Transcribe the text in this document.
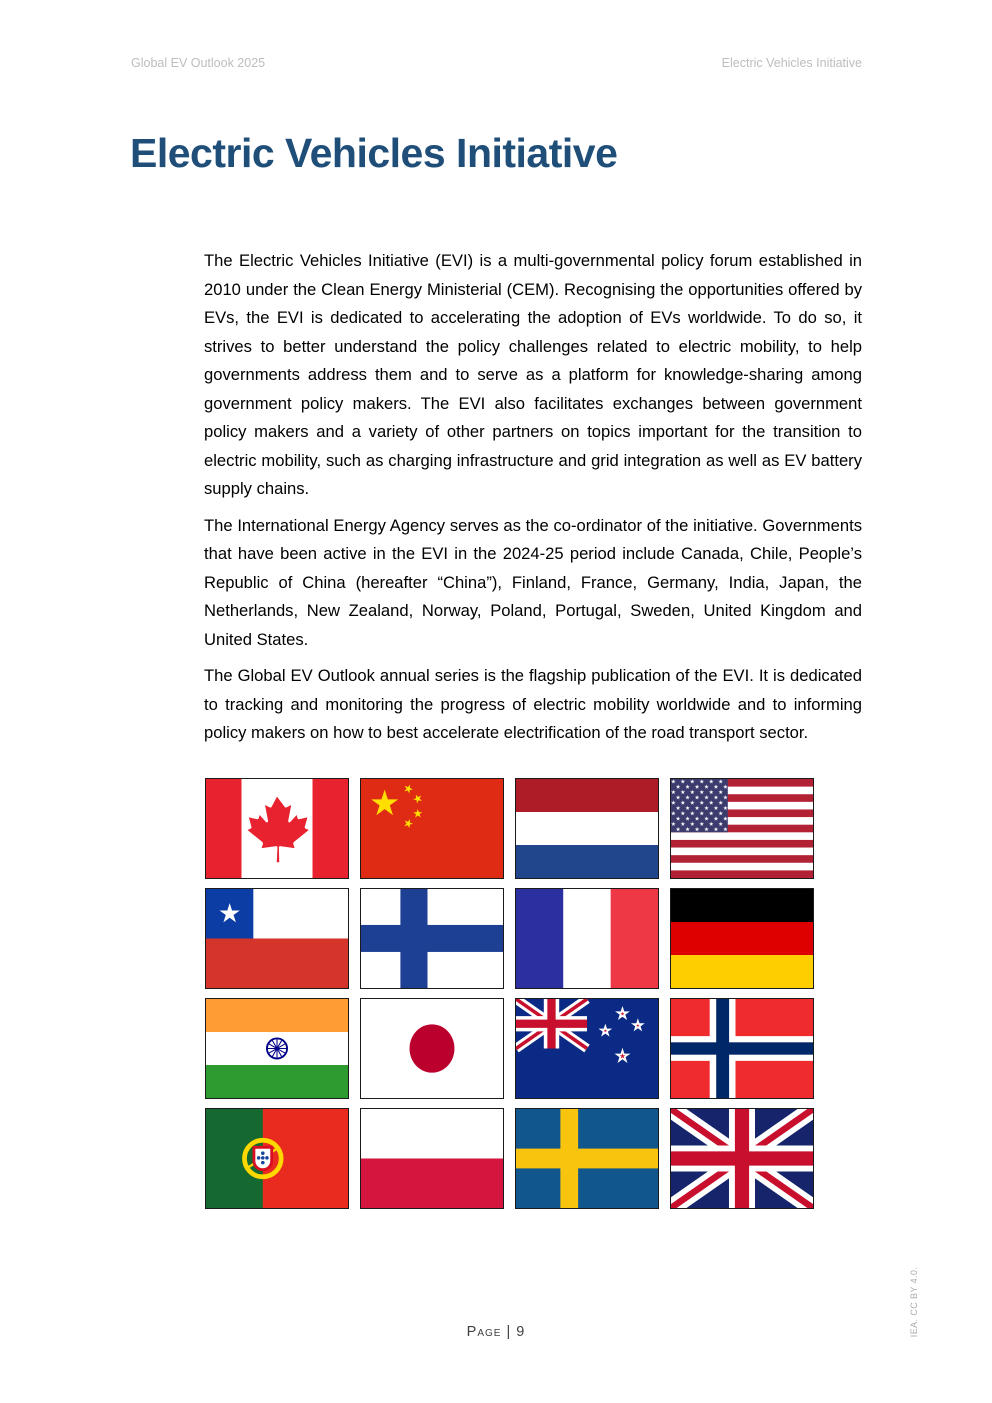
Global EV Outlook 2025	Electric Vehicles Initiative
Electric Vehicles Initiative

The Electric Vehicles Initiative (EVI) is a multi-governmental policy forum established in 2010 under the Clean Energy Ministerial (CEM). Recognising the opportunities offered by EVs, the EVI is dedicated to accelerating the adoption of EVs worldwide. To do so, it strives to better understand the policy challenges related to electric mobility, to help governments address them and to serve as a platform for knowledge-sharing among government policy makers. The EVI also facilitates exchanges between government policy makers and a variety of other partners on topics important for the transition to electric mobility, such as charging infrastructure and grid integration as well as EV battery supply chains.

The International Energy Agency serves as the co-ordinator of the initiative. Governments that have been active in the EVI in the 2024-25 period include Canada, Chile, People’s Republic of China (hereafter “China”), Finland, France, Germany, India, Japan, the Netherlands, New Zealand, Norway, Poland, Portugal, Sweden, United Kingdom and United States.

The Global EV Outlook annual series is the flagship publication of the EVI. It is dedicated to tracking and monitoring the progress of electric mobility worldwide and to informing policy makers on how to best accelerate electrification of the road transport sector.

Page | 9	IEA. CC BY 4.0.
